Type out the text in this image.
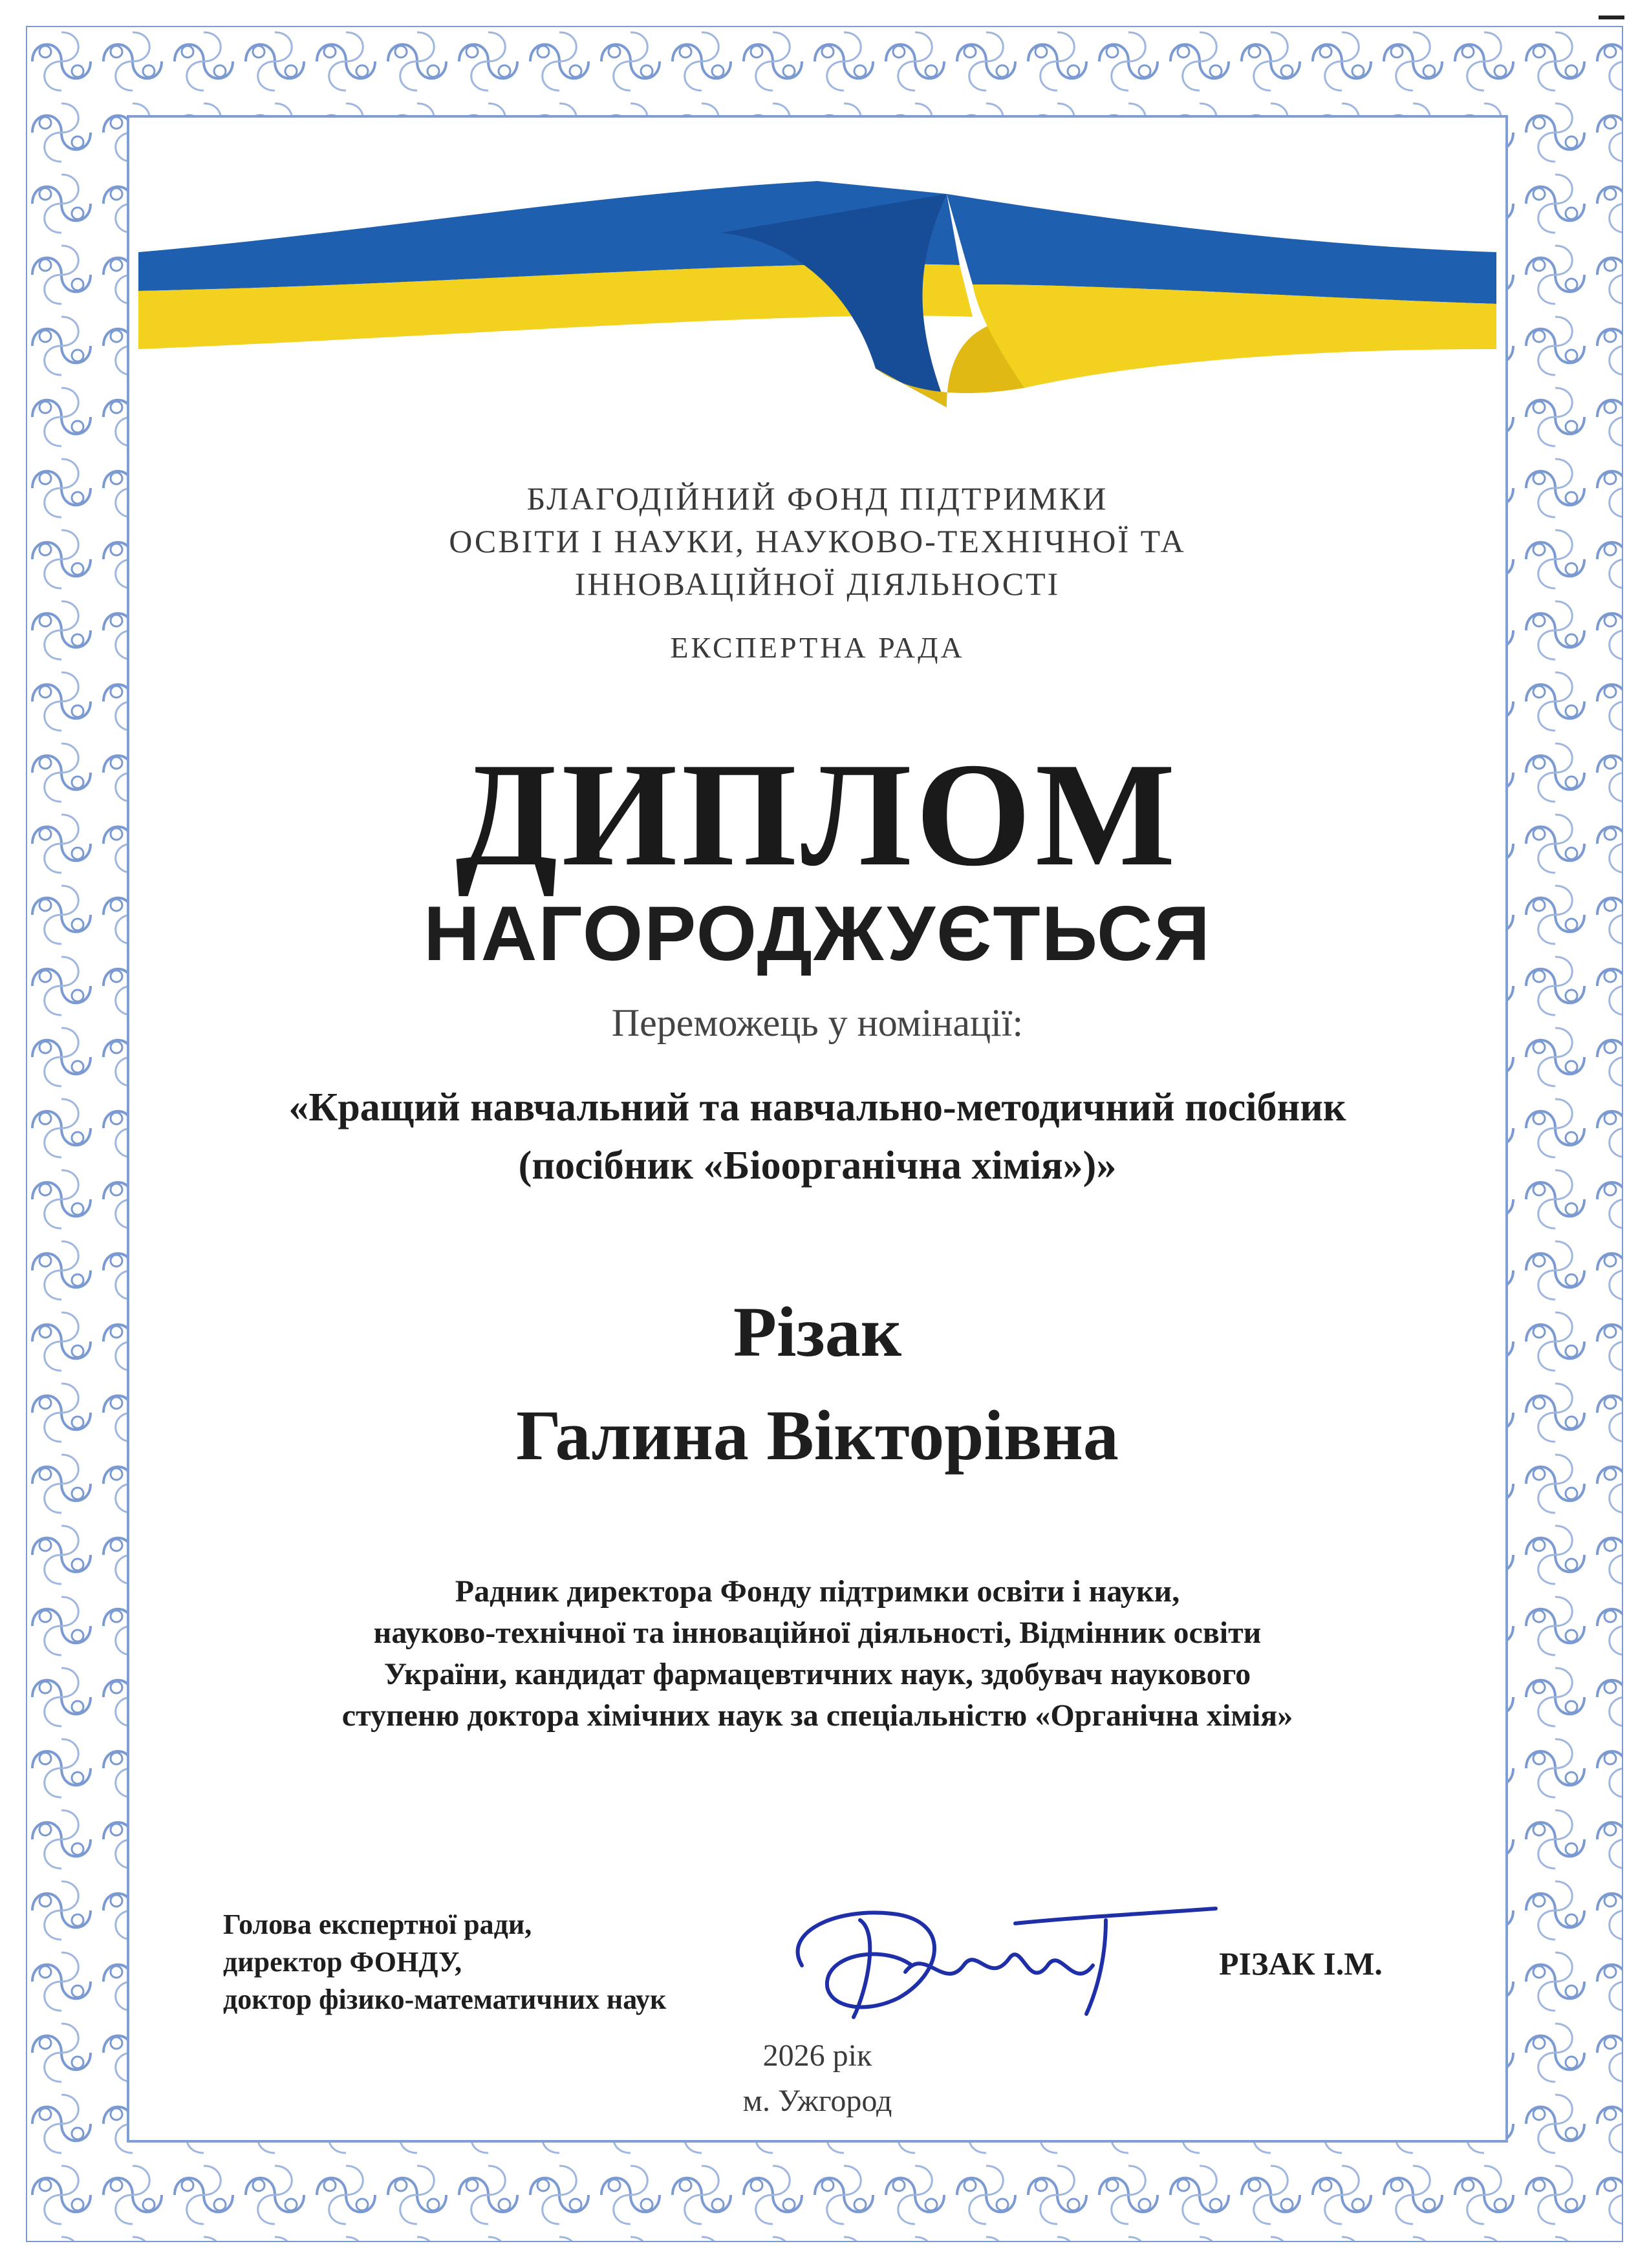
БЛАГОДІЙНИЙ ФОНД ПІДТРИМКИ
ОСВІТИ І НАУКИ, НАУКОВО-ТЕХНІЧНОЇ ТА
ІННОВАЦІЙНОЇ ДІЯЛЬНОСТІ
ЕКСПЕРТНА РАДА
ДИПЛОМ
НАГОРОДЖУЄТЬСЯ
Переможець у номінації:
«Кращий навчальний та навчально-методичний посібник
(посібник «Біоорганічна хімія»)»
Різак
Галина Вікторівна
Радник директора Фонду підтримки освіти і науки,
науково-технічної та інноваційної діяльності, Відмінник освіти
України, кандидат фармацевтичних наук, здобувач наукового
ступеню доктора хімічних наук за спеціальністю «Органічна хімія»
Голова експертної ради,
директор ФОНДУ,
доктор фізико-математичних наук
РІЗАК І.М.
2026 рік
м. Ужгород
